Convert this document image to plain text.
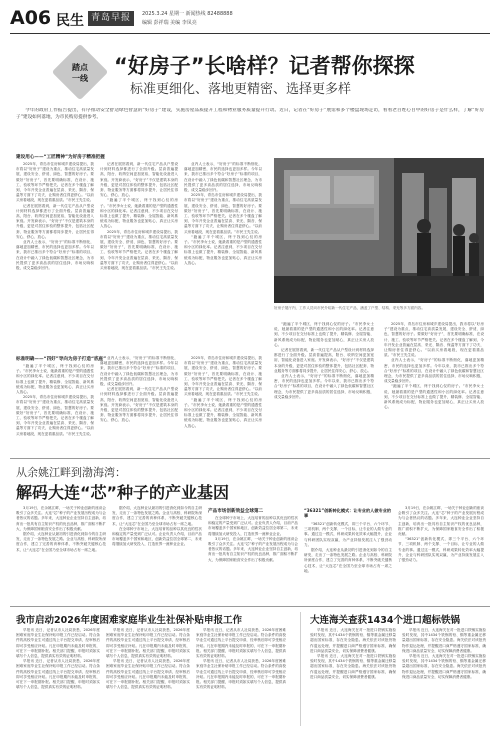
A06 民生 青岛早报	2025.3.24 星期一 新闻热线 82488888
编辑 彭祥瑞 美编 李凤亮
踏点
一线
“好房子”长啥样？记者帮你探探
标准更细化、落地更精密、选择更多样
今年的政府工作报告提出，有序推动安全舒适绿色智慧的“好房子”建设，实施房屋品质提升工程和物业服务质量提升行动。近日，记者在“好房子”展馆和多个楼盘现场走访，看看老百姓心目中的好房子是什么样，了解“好房子”建设如何落地，为市民购房提供参考。
建设用心——“工匠精神”为好房子精准把握

2025年，青岛市住房和城乡建设局提出，我市将以“好房子”建设为重点，推动住宅高质量发展，建设安全、舒适、绿色、智慧的好房子。要做好“好房子”，首先要明确标准，在设计、施工、验收等环节严格把关。记者在多个楼盘了解到，今年开发企业普遍在层高、采光、隔音、保温等方面下了功夫，让购房者住得更舒心。“以前买房看地段，现在更看重品质。”市民王先生说。

记者在展馆看到，新一代住宅产品从户型设计到材料选择都进行了全面升级。层高普遍提高，阳台、收纳空间更加宽裕，智能化设备进入家庭。开发商表示，“好房子”不仅是建筑本身的升级，更是对居住体验的整体提升，包括社区配套、物业服务等方面都将同步提升，让居民住得安心、舒心、放心。

业内人士表示，“好房子”的标准不断细化，落地更加精密，市民的选择也更加多样。今年以来，我市已推出多个符合“好房子”标准的项目，在设计中融入了绿色低碳和智慧社区理念，为市民提供了更多高品质的居住选择，市场反响积极，成交量稳步回升。

记者在展馆看到，新一代住宅产品从户型设计到材料选择都进行了全面升级。层高普遍提高，阳台、收纳空间更加宽裕，智能化设备进入家庭。开发商表示，“好房子”不仅是建筑本身的升级，更是对居住体验的整体提升，包括社区配套、物业服务等方面都将同步提升，让居民住得安心、舒心、放心。

“跑遍了半个城区，终于找到心仪的房子。”市民李女士说，她最看重的是户型的通透性和小区的绿化率。记者注意到，不少项目在交付标准上也做了提升，精装修、全屋智能、新风系统成为标配，物业服务也更加贴心，真正让买房人放心。

2025年，青岛市住房和城乡建设局提出，我市将以“好房子”建设为重点，推动住宅高质量发展，建设安全、舒适、绿色、智慧的好房子。要做好“好房子”，首先要明确标准，在设计、施工、验收等环节严格把关。记者在多个楼盘了解到，今年开发企业普遍在层高、采光、隔音、保温等方面下了功夫，让购房者住得更舒心。“以前买房看地段，现在更看重品质。”市民王先生说。

业内人士表示，“好房子”的标准不断细化，落地更加精密，市民的选择也更加多样。今年以来，我市已推出多个符合“好房子”标准的项目，在设计中融入了绿色低碳和智慧社区理念，为市民提供了更多高品质的居住选择，市场反响积极，成交量稳步回升。

2025年，青岛市住房和城乡建设局提出，我市将以“好房子”建设为重点，推动住宅高质量发展，建设安全、舒适、绿色、智慧的好房子。要做好“好房子”，首先要明确标准，在设计、施工、验收等环节严格把关。记者在多个楼盘了解到，今年开发企业普遍在层高、采光、隔音、保温等方面下了功夫，让购房者住得更舒心。“以前买房看地段，现在更看重品质。”市民王先生说。

“跑遍了半个城区，终于找到心仪的房子。”市民李女士说，她最看重的是户型的通透性和小区的绿化率。记者注意到，不少项目在交付标准上也做了提升，精装修、全屋智能、新风系统成为标配，物业服务也更加贴心，真正让买房人放心。

好房子展厅内，工作人员向市民介绍新一代住宅产品，涵盖了户型、结构、采光等多方面内容。

“跑遍了半个城区，终于找到心仪的房子。”市民李女士说，她最看重的是户型的通透性和小区的绿化率。记者注意到，不少项目在交付标准上也做了提升，精装修、全屋智能、新风系统成为标配，物业服务也更加贴心，真正让买房人放心。

记者在展馆看到，新一代住宅产品从户型设计到材料选择都进行了全面升级。层高普遍提高，阳台、收纳空间更加宽裕，智能化设备进入家庭。开发商表示，“好房子”不仅是建筑本身的升级，更是对居住体验的整体提升，包括社区配套、物业服务等方面都将同步提升，让居民住得安心、舒心、放心。

业内人士表示，“好房子”的标准不断细化，落地更加精密，市民的选择也更加多样。今年以来，我市已推出多个符合“好房子”标准的项目，在设计中融入了绿色低碳和智慧社区理念，为市民提供了更多高品质的居住选择，市场反响积极，成交量稳步回升。

2025年，青岛市住房和城乡建设局提出，我市将以“好房子”建设为重点，推动住宅高质量发展，建设安全、舒适、绿色、智慧的好房子。要做好“好房子”，首先要明确标准，在设计、施工、验收等环节严格把关。记者在多个楼盘了解到，今年开发企业普遍在层高、采光、隔音、保温等方面下了功夫，让购房者住得更舒心。“以前买房看地段，现在更看重品质。”市民王先生说。

业内人士表示，“好房子”的标准不断细化，落地更加精密，市民的选择也更加多样。今年以来，我市已推出多个符合“好房子”标准的项目，在设计中融入了绿色低碳和智慧社区理念，为市民提供了更多高品质的居住选择，市场反响积极，成交量稳步回升。

“跑遍了半个城区，终于找到心仪的房子。”市民李女士说，她最看重的是户型的通透性和小区的绿化率。记者注意到，不少项目在交付标准上也做了提升，精装修、全屋智能、新风系统成为标配，物业服务也更加贴心，真正让买房人放心。

标准明确——“四好”导向为房子打造“底座”

“跑遍了半个城区，终于找到心仪的房子。”市民李女士说，她最看重的是户型的通透性和小区的绿化率。记者注意到，不少项目在交付标准上也做了提升，精装修、全屋智能、新风系统成为标配，物业服务也更加贴心，真正让买房人放心。

2025年，青岛市住房和城乡建设局提出，我市将以“好房子”建设为重点，推动住宅高质量发展，建设安全、舒适、绿色、智慧的好房子。要做好“好房子”，首先要明确标准，在设计、施工、验收等环节严格把关。记者在多个楼盘了解到，今年开发企业普遍在层高、采光、隔音、保温等方面下了功夫，让购房者住得更舒心。“以前买房看地段，现在更看重品质。”市民王先生说。

业内人士表示，“好房子”的标准不断细化，落地更加精密，市民的选择也更加多样。今年以来，我市已推出多个符合“好房子”标准的项目，在设计中融入了绿色低碳和智慧社区理念，为市民提供了更多高品质的居住选择，市场反响积极，成交量稳步回升。

记者在展馆看到，新一代住宅产品从户型设计到材料选择都进行了全面升级。层高普遍提高，阳台、收纳空间更加宽裕，智能化设备进入家庭。开发商表示，“好房子”不仅是建筑本身的升级，更是对居住体验的整体提升，包括社区配套、物业服务等方面都将同步提升，让居民住得安心、舒心、放心。

2025年，青岛市住房和城乡建设局提出，我市将以“好房子”建设为重点，推动住宅高质量发展，建设安全、舒适、绿色、智慧的好房子。要做好“好房子”，首先要明确标准，在设计、施工、验收等环节严格把关。记者在多个楼盘了解到，今年开发企业普遍在层高、采光、隔音、保温等方面下了功夫，让购房者住得更舒心。“以前买房看地段，现在更看重品质。”市民王先生说。

“跑遍了半个城区，终于找到心仪的房子。”市民李女士说，她最看重的是户型的通透性和小区的绿化率。记者注意到，不少项目在交付标准上也做了提升，精装修、全屋智能、新风系统成为标配，物业服务也更加贴心，真正让买房人放心。

从余姚江畔到渤海湾：
解码大连“芯”种子的产业基因

3月19日，在余姚江畔，一场关于种业创新的座谈会吸引了众多关注。大连“芯”种子的产业发展历程成为与会者热议的话题。多年来，大连种业企业坚持自主创新，培育出一批具有自主知识产权的优良品种，推广面积不断扩大，为保障国家粮食安全作出了积极贡献。

据介绍，大连种业从最初的引进消化到如今的自主研发，走出了一条特色发展之路。企业与高校、科研院所深度合作，建立了完善的育种体系，不断突破关键核心技术，让“大连芯”在全国乃至全球市场占有一席之地。

据介绍，大连种业从最初的引进消化到如今的自主研发，走出了一条特色发展之路。企业与高校、科研院所深度合作，建立了完善的育种体系，不断突破关键核心技术，让“大连芯”在全国乃至全球市场占有一席之地。

在全球种子市场上，大连培育的品种以其优良的性状和稳定的产量受到广泛认可。企业负责人介绍，目前产品市场覆盖多个国家和地区，创新效益位居全球第二，未来将继续加大研发投入，打造世界一流种业企业。

产品市场创新效益全球第二

在全球种子市场上，大连培育的品种以其优良的性状和稳定的产量受到广泛认可。企业负责人介绍，目前产品市场覆盖多个国家和地区，创新效益位居全球第二，未来将继续加大研发投入，打造世界一流种业企业。

3月19日，在余姚江畔，一场关于种业创新的座谈会吸引了众多关注。大连“芯”种子的产业发展历程成为与会者热议的话题。多年来，大连种业企业坚持自主创新，培育出一批具有自主知识产权的优良品种，推广面积不断扩大，为保障国家粮食安全作出了积极贡献。

“36321”创新转化模式：让专业的人做专业的事

“36321”创新转化模式，即三个平台、六个环节、三项机制、两个支撑、一个目标，让专业的人做专业的事。通过这一模式，科研成果转化效率大幅提升，企业与科研团队实现双赢，为产业持续发展注入了强劲动力。

据介绍，大连种业从最初的引进消化到如今的自主研发，走出了一条特色发展之路。企业与高校、科研院所深度合作，建立了完善的育种体系，不断突破关键核心技术，让“大连芯”在全国乃至全球市场占有一席之地。

3月19日，在余姚江畔，一场关于种业创新的座谈会吸引了众多关注。大连“芯”种子的产业发展历程成为与会者热议的话题。多年来，大连种业企业坚持自主创新，培育出一批具有自主知识产权的优良品种，推广面积不断扩大，为保障国家粮食安全作出了积极贡献。

“36321”创新转化模式，即三个平台、六个环节、三项机制、两个支撑、一个目标，让专业的人做专业的事。通过这一模式，科研成果转化效率大幅提升，企业与科研团队实现双赢，为产业持续发展注入了强劲动力。

我市启动2026年度困难家庭毕业生社保补贴申报工作

早报讯 近日，记者从市人社局获悉，2026年度困难家庭毕业生社保补贴申报工作已经启动。符合条件的高校毕业生可通过线上平台提交申请，经审核后即可享受相应补贴。凡在申报期内未能及时申报的，可在下一申报期补报。相关部门提醒，申报时须如实填写个人信息，提供真实有效的证明材料。

早报讯 近日，记者从市人社局获悉，2026年度困难家庭毕业生社保补贴申报工作已经启动。符合条件的高校毕业生可通过线上平台提交申请，经审核后即可享受相应补贴。凡在申报期内未能及时申报的，可在下一申报期补报。相关部门提醒，申报时须如实填写个人信息，提供真实有效的证明材料。

早报讯 近日，记者从市人社局获悉，2026年度困难家庭毕业生社保补贴申报工作已经启动。符合条件的高校毕业生可通过线上平台提交申请，经审核后即可享受相应补贴。凡在申报期内未能及时申报的，可在下一申报期补报。相关部门提醒，申报时须如实填写个人信息，提供真实有效的证明材料。

早报讯 近日，记者从市人社局获悉，2026年度困难家庭毕业生社保补贴申报工作已经启动。符合条件的高校毕业生可通过线上平台提交申请，经审核后即可享受相应补贴。凡在申报期内未能及时申报的，可在下一申报期补报。相关部门提醒，申报时须如实填写个人信息，提供真实有效的证明材料。

早报讯 近日，记者从市人社局获悉，2026年度困难家庭毕业生社保补贴申报工作已经启动。符合条件的高校毕业生可通过线上平台提交申请，经审核后即可享受相应补贴。凡在申报期内未能及时申报的，可在下一申报期补报。相关部门提醒，申报时须如实填写个人信息，提供真实有效的证明材料。

早报讯 近日，记者从市人社局获悉，2026年度困难家庭毕业生社保补贴申报工作已经启动。符合条件的高校毕业生可通过线上平台提交申请，经审核后即可享受相应补贴。凡在申报期内未能及时申报的，可在下一申报期补报。相关部门提醒，申报时须如实填写个人信息，提供真实有效的证明材料。

大连海关查获1434个进口超标铁锅

早报讯 近日，大连海关在对一批进口铁锅实施检验时发现，其中1434个铁锅的铅、镉等重金属迁移量超出国家标准，存在安全隐患。海关依法对该批货物作退运处理，并提醒进口商严格遵守国家标准，确保进口商品质量安全，切实保障消费者健康。

早报讯 近日，大连海关在对一批进口铁锅实施检验时发现，其中1434个铁锅的铅、镉等重金属迁移量超出国家标准，存在安全隐患。海关依法对该批货物作退运处理，并提醒进口商严格遵守国家标准，确保进口商品质量安全，切实保障消费者健康。

早报讯 近日，大连海关在对一批进口铁锅实施检验时发现，其中1434个铁锅的铅、镉等重金属迁移量超出国家标准，存在安全隐患。海关依法对该批货物作退运处理，并提醒进口商严格遵守国家标准，确保进口商品质量安全，切实保障消费者健康。

早报讯 近日，大连海关在对一批进口铁锅实施检验时发现，其中1434个铁锅的铅、镉等重金属迁移量超出国家标准，存在安全隐患。海关依法对该批货物作退运处理，并提醒进口商严格遵守国家标准，确保进口商品质量安全，切实保障消费者健康。
